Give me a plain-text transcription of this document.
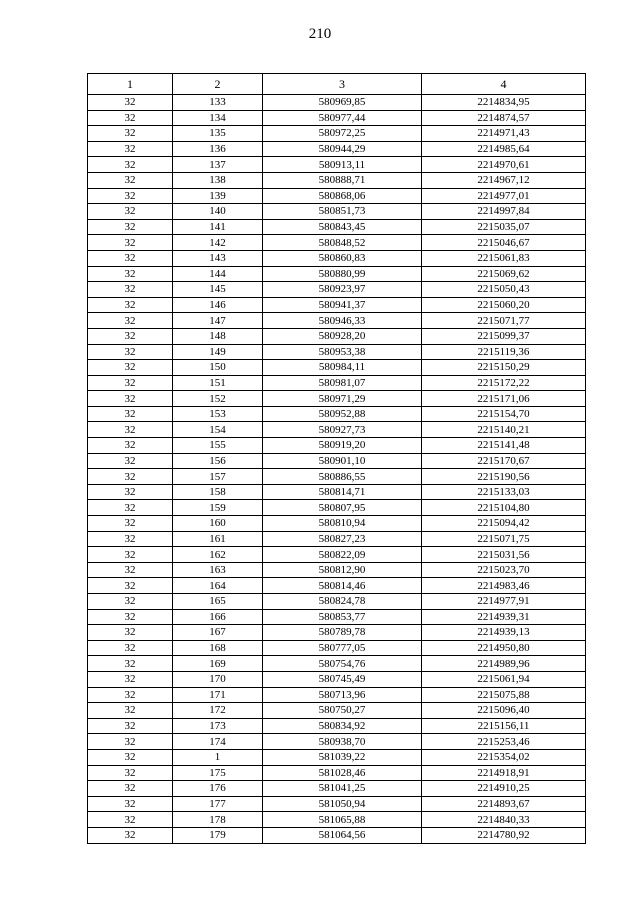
210
1	2	3	4
32	133	580969,85	2214834,95
32	134	580977,44	2214874,57
32	135	580972,25	2214971,43
32	136	580944,29	2214985,64
32	137	580913,11	2214970,61
32	138	580888,71	2214967,12
32	139	580868,06	2214977,01
32	140	580851,73	2214997,84
32	141	580843,45	2215035,07
32	142	580848,52	2215046,67
32	143	580860,83	2215061,83
32	144	580880,99	2215069,62
32	145	580923,97	2215050,43
32	146	580941,37	2215060,20
32	147	580946,33	2215071,77
32	148	580928,20	2215099,37
32	149	580953,38	2215119,36
32	150	580984,11	2215150,29
32	151	580981,07	2215172,22
32	152	580971,29	2215171,06
32	153	580952,88	2215154,70
32	154	580927,73	2215140,21
32	155	580919,20	2215141,48
32	156	580901,10	2215170,67
32	157	580886,55	2215190,56
32	158	580814,71	2215133,03
32	159	580807,95	2215104,80
32	160	580810,94	2215094,42
32	161	580827,23	2215071,75
32	162	580822,09	2215031,56
32	163	580812,90	2215023,70
32	164	580814,46	2214983,46
32	165	580824,78	2214977,91
32	166	580853,77	2214939,31
32	167	580789,78	2214939,13
32	168	580777,05	2214950,80
32	169	580754,76	2214989,96
32	170	580745,49	2215061,94
32	171	580713,96	2215075,88
32	172	580750,27	2215096,40
32	173	580834,92	2215156,11
32	174	580938,70	2215253,46
32	1	581039,22	2215354,02
32	175	581028,46	2214918,91
32	176	581041,25	2214910,25
32	177	581050,94	2214893,67
32	178	581065,88	2214840,33
32	179	581064,56	2214780,92
